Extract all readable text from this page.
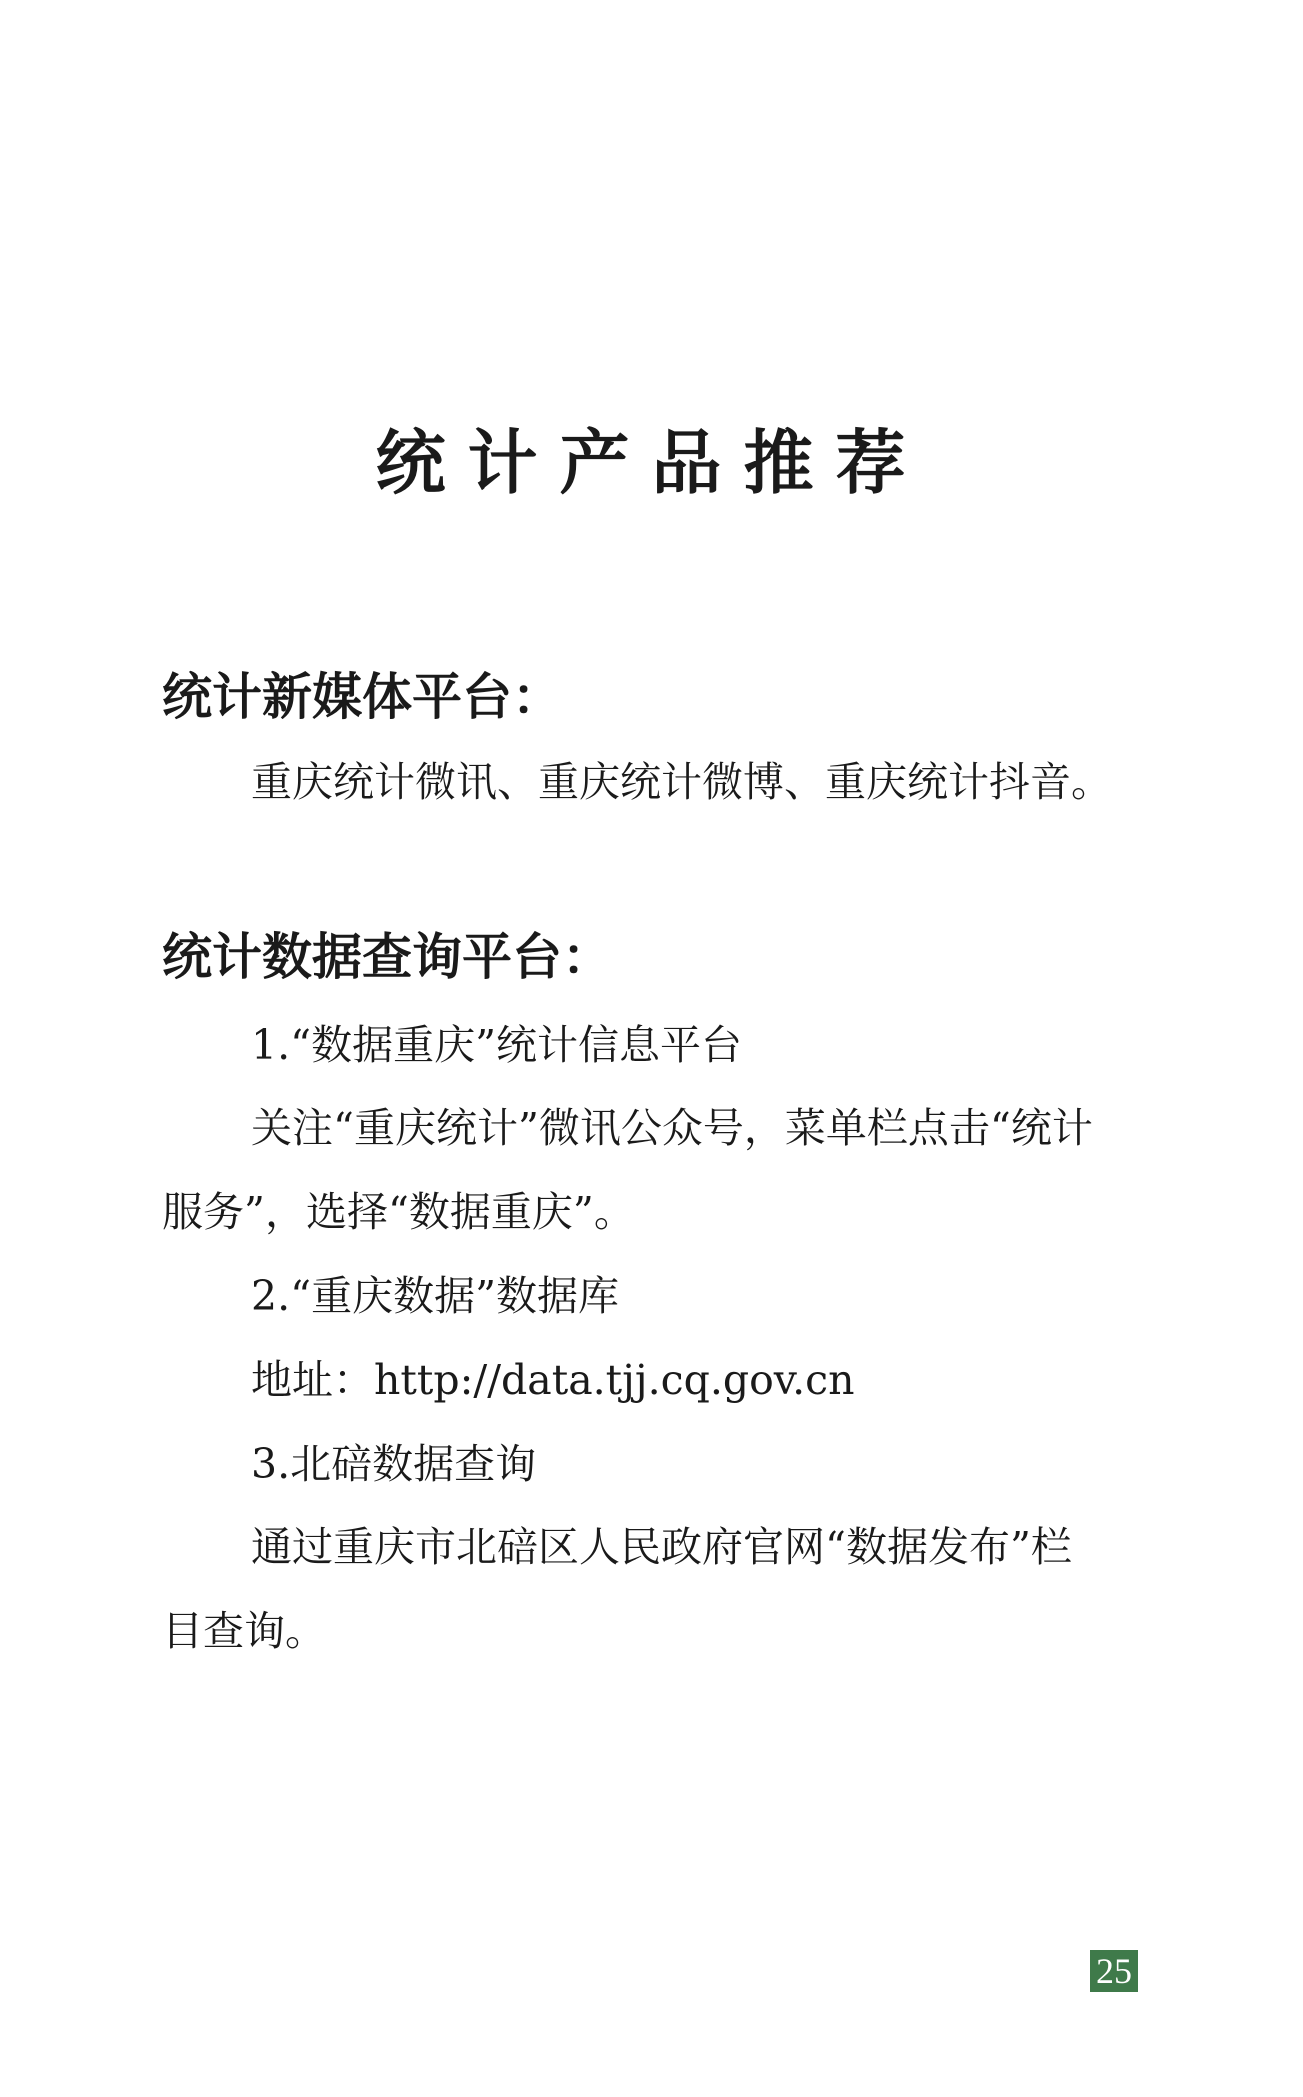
统计产品推荐
统计新媒体平台：
重庆统计微讯、重庆统计微博、重庆统计抖音。
统计数据查询平台：
1.“数据重庆”统计信息平台
关注“重庆统计”微讯公众号，菜单栏点击“统计
服务”，选择“数据重庆”。
2.“重庆数据”数据库
地址：http://data.tjj.cq.gov.cn
3.北碚数据查询
通过重庆市北碚区人民政府官网“数据发布”栏
目查询。
25
